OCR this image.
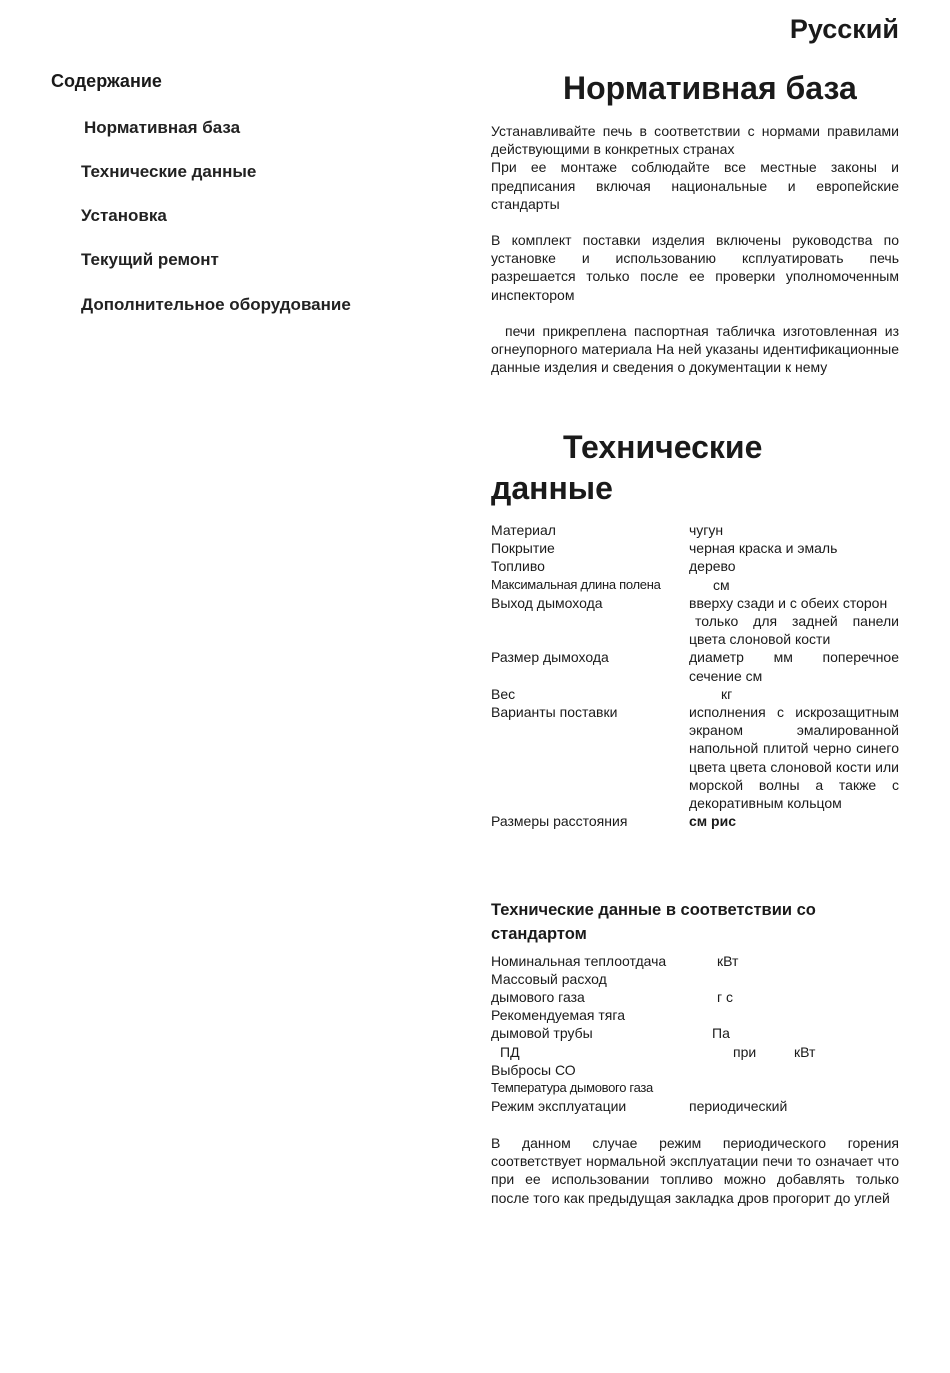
Русский
Содержание
Нормативная база
Технические данные
Установка
Текущий ремонт
Дополнительное оборудование
Нормативная база

Устанавливайте печь в соответствии с нормами правилами действующими в конкретных странах

При ее монтаже соблюдайте все местные законы и предписания включая национальные и европейские стандарты

В комплект поставки изделия включены руководства по установке и использованию ксплуатировать печь разрешается только после ее проверки уполномоченным инспектором

печи прикреплена паспортная табличка изготовленная из огнеупорного материала На ней указаны идентификационные данные изделия и сведения о документации к нему

Технические
данные
Материал	чугун
Покрытие	черная краска и эмаль
Топливо	дерево
Максимальная длина полена	см
Выход дымохода	вверху сзади и с обеих сторон
только для задней панели цвета слоновой кости
Размер дымохода	диаметр мм поперечное сечение см
Вес	кг
Варианты поставки	исполнения с искрозащитным экраном эмалированной напольной плитой черно синего цвета цвета слоновой кости или морской волны а также с декоративным кольцом
Размеры расстояния	см рис
Технические данные в соответствии со стандартом
Номинальная теплоотдача	кВт
Массовый расход
дымового газа	г с
Рекомендуемая тяга
дымовой трубы	Па
ПД	при	кВт
Выбросы СО
Температура дымового газа
Режим эксплуатации	периодический

В данном случае режим периодического горения соответствует нормальной эксплуатации печи то означает что при ее использовании топливо можно добавлять только после того как предыдущая закладка дров прогорит до углей
